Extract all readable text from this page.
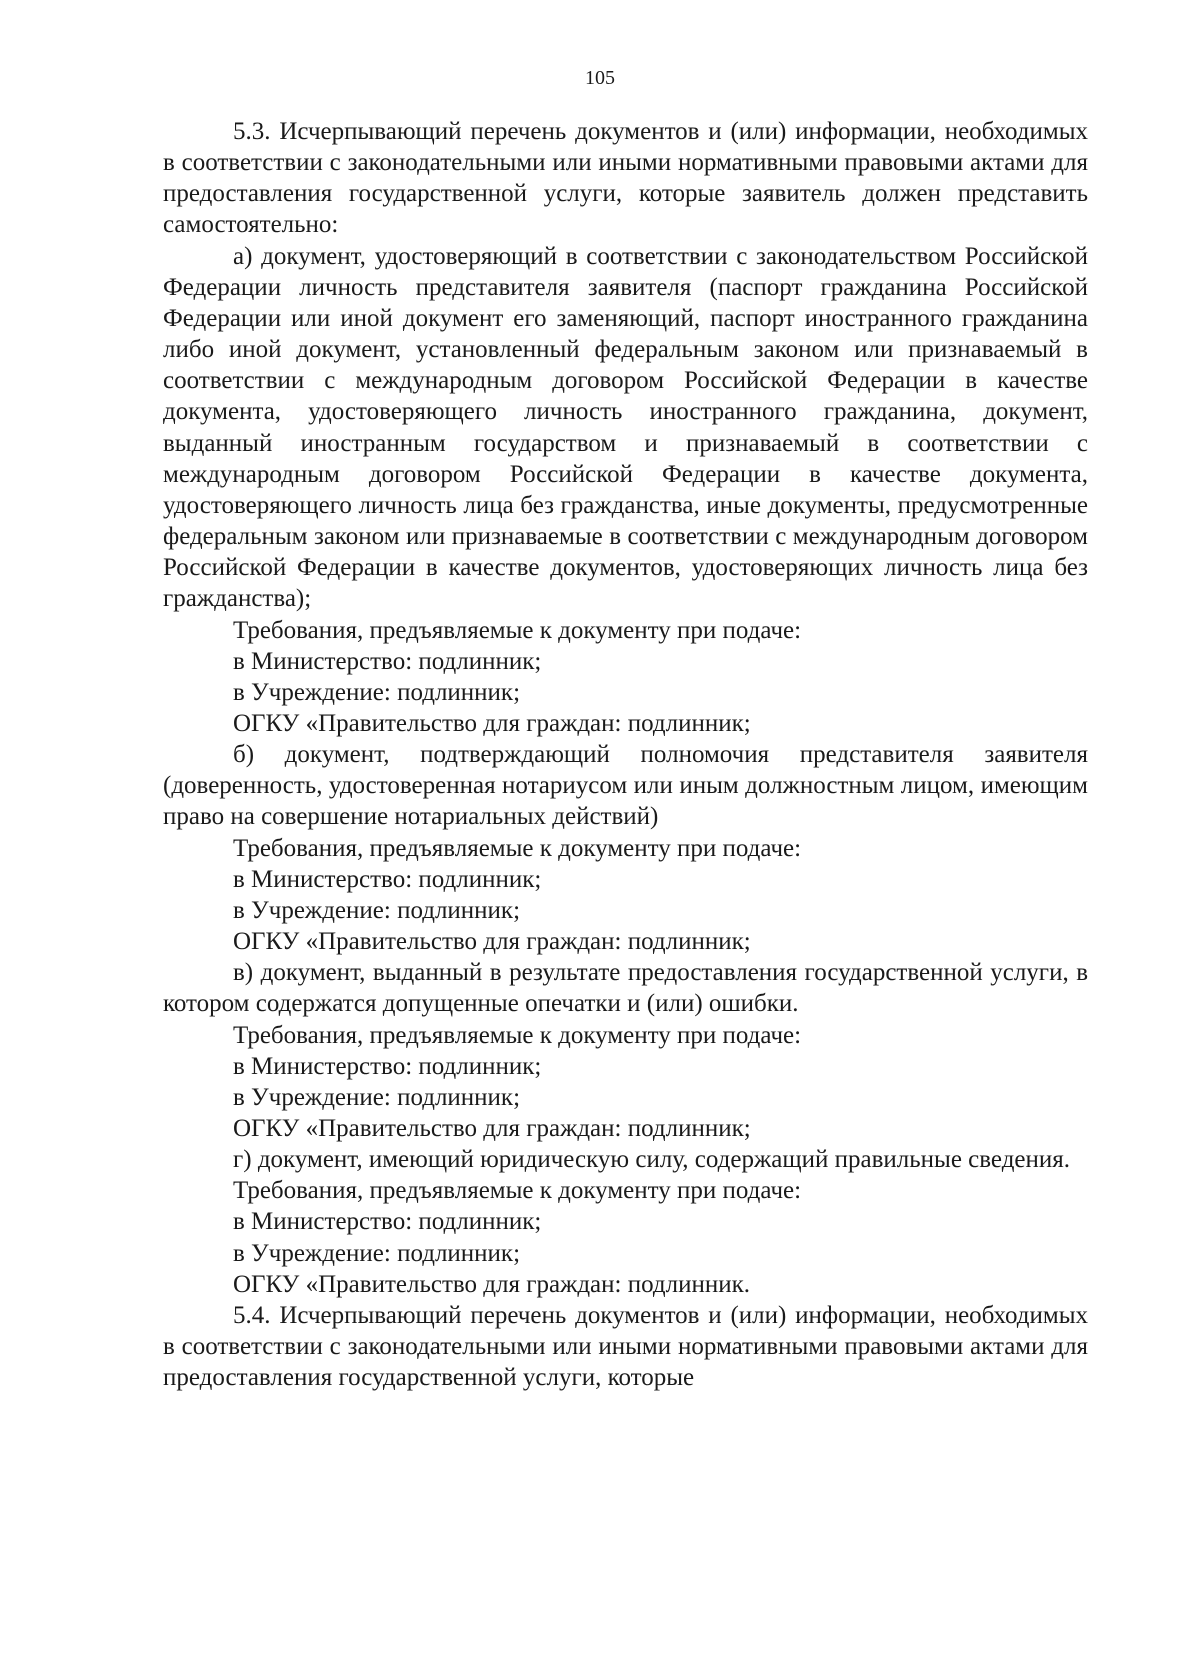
105

5.3. Исчерпывающий перечень документов и (или) информации, необходимых в соответствии с законодательными или иными нормативными правовыми актами для предоставления государственной услуги, которые заявитель должен представить самостоятельно:

а) документ, удостоверяющий в соответствии с законодательством Российской Федерации личность представителя заявителя (паспорт гражданина Российской Федерации или иной документ его заменяющий, паспорт иностранного гражданина либо иной документ, установленный федеральным законом или признаваемый в соответствии с международным договором Российской Федерации в качестве документа, удостоверяющего личность иностранного гражданина, документ, выданный иностранным государством и признаваемый в соответствии с международным договором Российской Федерации в качестве документа, удостоверяющего личность лица без гражданства, иные документы, предусмотренные федеральным законом или признаваемые в соответствии с международным договором Российской Федерации в качестве документов, удостоверяющих личность лица без гражданства);

Требования, предъявляемые к документу при подаче:
в Министерство: подлинник;
в Учреждение: подлинник;
ОГКУ «Правительство для граждан: подлинник;

б) документ, подтверждающий полномочия представителя заявителя (доверенность, удостоверенная нотариусом или иным должностным лицом, имеющим право на совершение нотариальных действий)

Требования, предъявляемые к документу при подаче:
в Министерство: подлинник;
в Учреждение: подлинник;
ОГКУ «Правительство для граждан: подлинник;

в) документ, выданный в результате предоставления государственной услуги, в котором содержатся допущенные опечатки и (или) ошибки.

Требования, предъявляемые к документу при подаче:
в Министерство: подлинник;
в Учреждение: подлинник;
ОГКУ «Правительство для граждан: подлинник;

г) документ, имеющий юридическую силу, содержащий правильные сведения.

Требования, предъявляемые к документу при подаче:
в Министерство: подлинник;
в Учреждение: подлинник;
ОГКУ «Правительство для граждан: подлинник.

5.4. Исчерпывающий перечень документов и (или) информации, необходимых в соответствии с законодательными или иными нормативными правовыми актами для предоставления государственной услуги, которые
